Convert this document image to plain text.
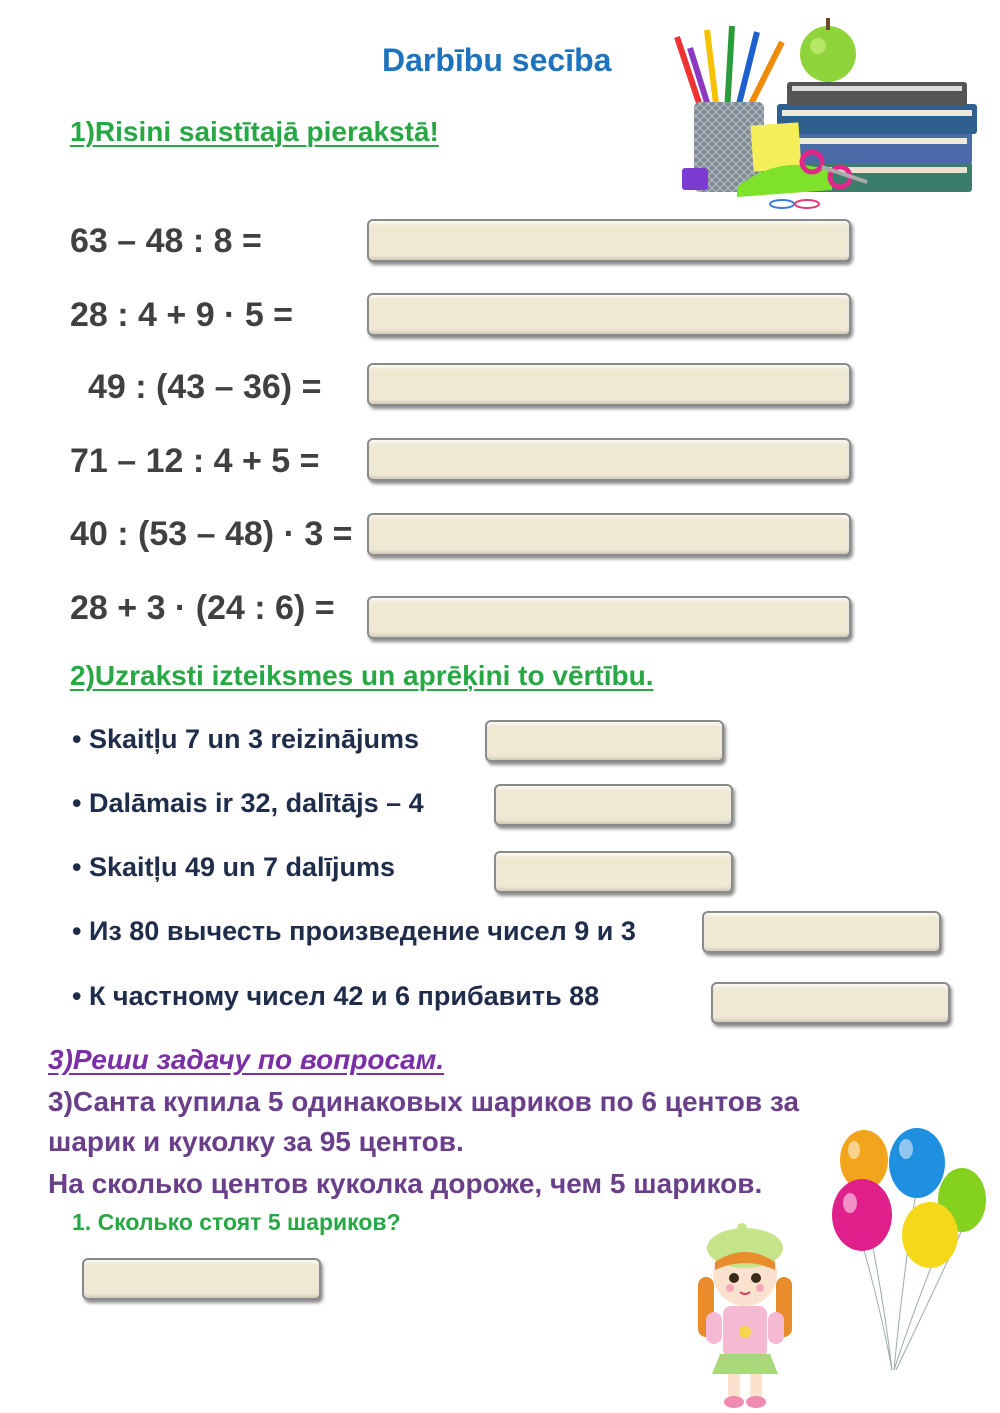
Darbību secība
1)Risini saistītajā pierakstā!
63 – 48 : 8 =
28 : 4 + 9 · 5 =
49 : (43 – 36) =
71 – 12 : 4 + 5 =
40 : (53 – 48) · 3 =
28 + 3 · (24 : 6) =
2)Uzraksti izteiksmes un aprēķini to vērtību.
• Skaitļu 7 un 3 reizinājums
• Dalāmais ir 32, dalītājs – 4
• Skaitļu 49 un 7 dalījums
• Из 80 вычесть произведение чисел 9 и 3
• К частному чисел 42 и 6 прибавить 88
3)Реши задачу по вопросам.
3)Санта купила 5 одинаковых шариков по 6 центов за
шарик и куколку за 95 центов.
На сколько центов куколка дороже, чем 5 шариков.
1. Сколько стоят 5 шариков?
